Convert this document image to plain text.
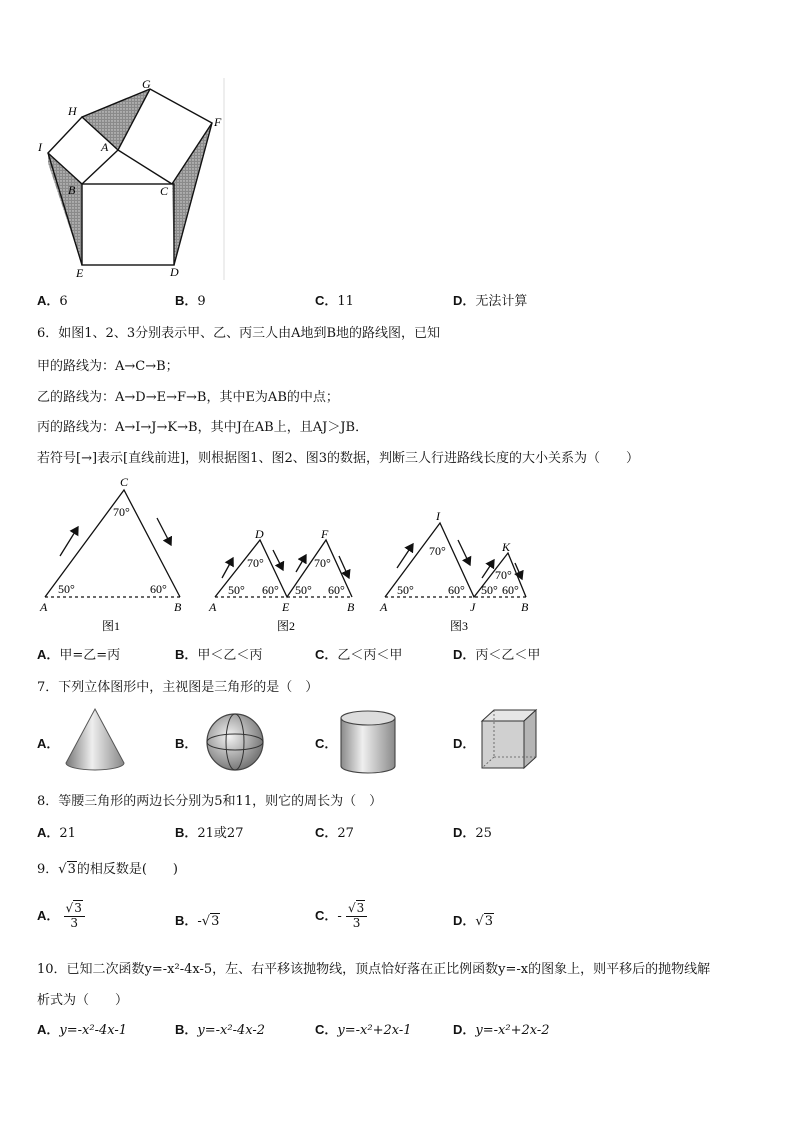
G
H
I	A
F
B	C
E	D
A．6	B．9	C．11	D．无法计算
6．如图1、2、3分别表示甲、乙、丙三人由A地到B地的路线图，已知
甲的路线为：A→C→B；
乙的路线为：A→D→E→F→B，其中E为AB的中点；
丙的路线为：A→I→J→K→B，其中J在AB上，且AJ＞JB．
若符号[→]表示[直线前进]，则根据图1、图2、图3的数据，判断三人行进路线长度的大小关系为（　　）
C
A	B
70°
50°	60°
图1
D	F
A	E	B
70°	70°
50° 60° 50° 60°
图2
I
K
A	J	B
70°
70°
50°	60° 50° 60°
图3
A．甲=乙=丙	B．甲＜乙＜丙	C．乙＜丙＜甲	D．丙＜乙＜甲
7．下列立体图形中，主视图是三角形的是（　）
A．	B．	C．	D．
8．等腰三角形的两边长分别为5和11，则它的周长为（　）
A．21	B．21或27	C．27	D．25
9．√3的相反数是(　　)
A． $\frac{√3}{3}$	B．-√3	C．- $\frac{√3}{3}$	D．√3
10．已知二次函数y=-x²-4x-5，左、右平移该抛物线，顶点恰好落在正比例函数y=-x的图象上，则平移后的抛物线解
析式为（　　）
A．y=-x²-4x-1	B．y=-x²-4x-2	C．y=-x²+2x-1	D．y=-x²+2x-2
